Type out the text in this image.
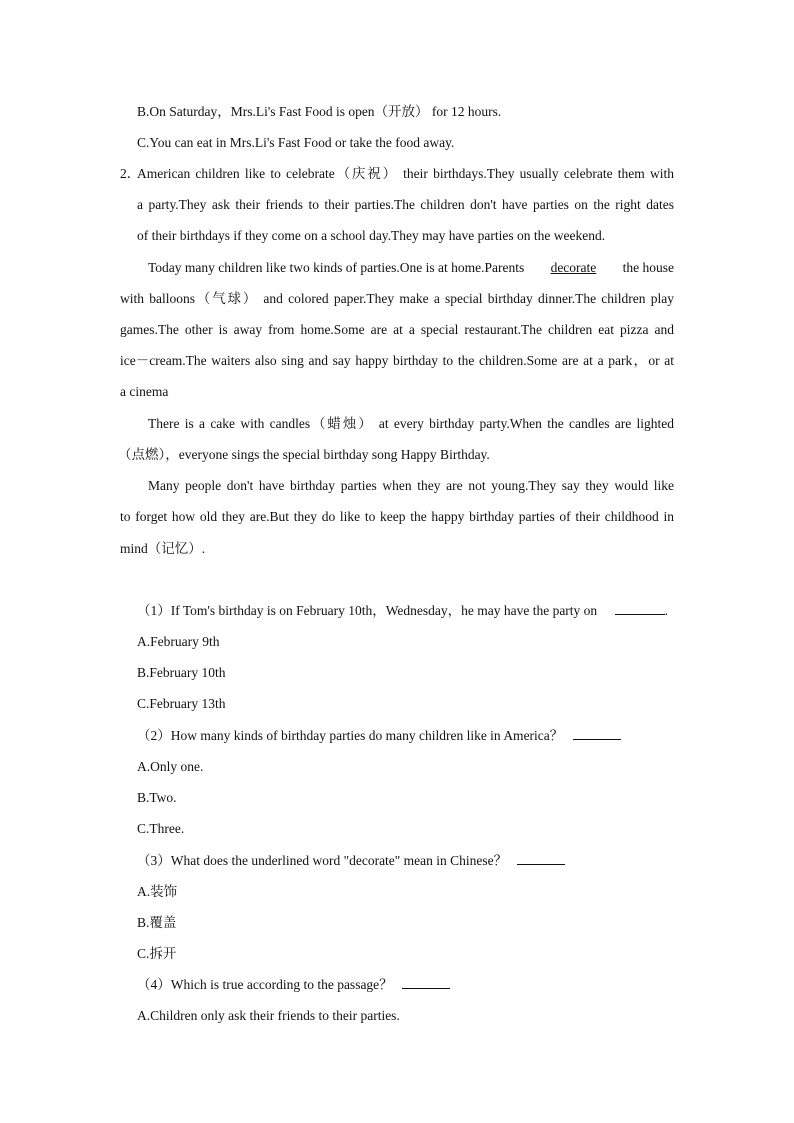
B.On Saturday，Mrs.Li's Fast Food is open（开放） for 12 hours.
C.You can eat in Mrs.Li's Fast Food or take the food away.
2．
American children like to celebrate（庆祝） their birthdays.They usually celebrate them with
a party.They ask their friends to their parties.The children don't have parties on the right dates
of their birthdays if they come on a school day.They may have parties on the weekend.
Today many children like two kinds of parties.One is at home.Parents decorate the house
with balloons（气球） and colored paper.They make a special birthday dinner.The children play
games.The other is away from home.Some are at a special restaurant.The children eat pizza and
ice－cream.The waiters also sing and say happy birthday to the children.Some are at a park，or at
a cinema
There is a cake with candles（蜡烛） at every birthday party.When the candles are lighted
（点燃），everyone sings the special birthday song Happy Birthday.
Many people don't have birthday parties when they are not young.They say they would like
to forget how old they are.But they do like to keep the happy birthday parties of their childhood in
mind（记忆）.
（1）If Tom's birthday is on February 10th，Wednesday，he may have the party on	.
A.February 9th
B.February 10th
C.February 13th
（2）How many kinds of birthday parties do many children like in America？
A.Only one.
B.Two.
C.Three.
（3）What does the underlined word "decorate" mean in Chinese？
A.装饰
B.覆盖
C.拆开
（4）Which is true according to the passage？
A.Children only ask their friends to their parties.
